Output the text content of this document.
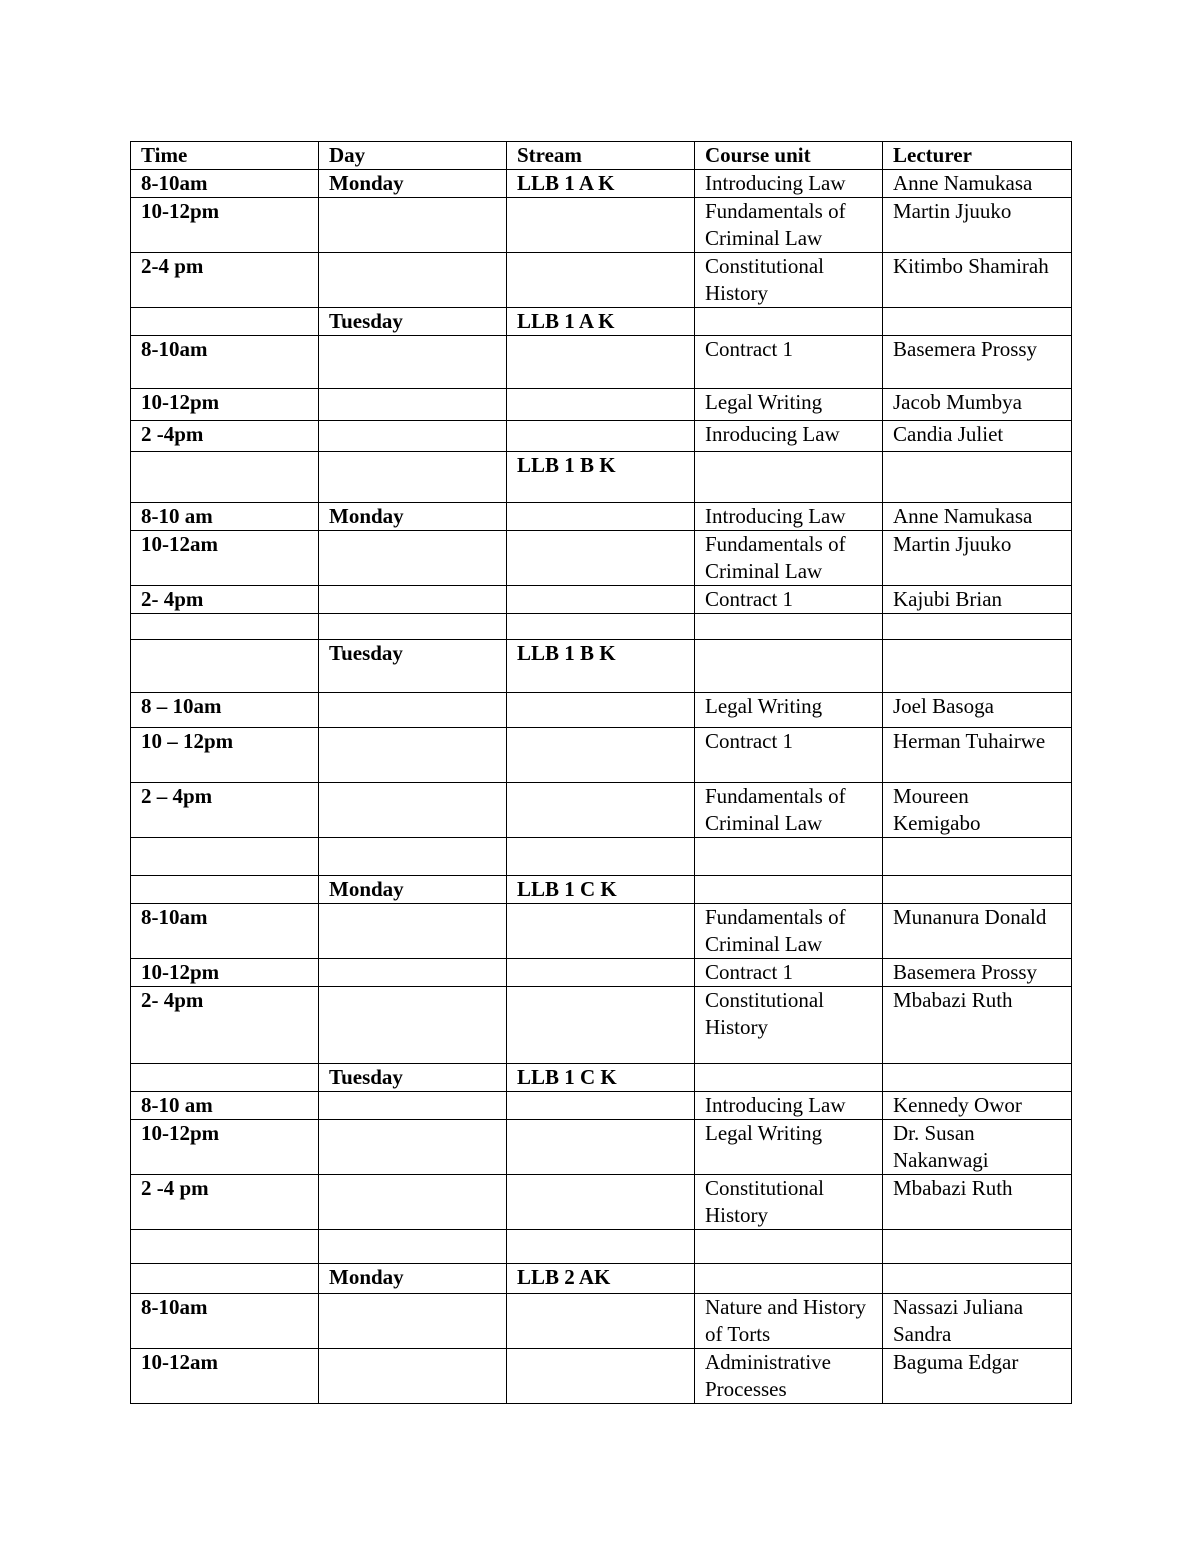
Time	Day	Stream	Course unit	Lecturer
8-10am	Monday	LLB 1 A K	Introducing Law	Anne Namukasa
10-12pm			Fundamentals of Criminal Law	Martin Jjuuko
2-4 pm			Constitutional History	Kitimbo Shamirah
	Tuesday	LLB 1 A K		
8-10am			Contract 1	Basemera Prossy
10-12pm			Legal Writing	Jacob Mumbya
2 -4pm			Inroducing Law	Candia Juliet
		LLB 1 B K		
8-10 am	Monday		Introducing Law	Anne Namukasa
10-12am			Fundamentals of Criminal Law	Martin Jjuuko
2- 4pm			Contract 1	Kajubi Brian

	Tuesday	LLB 1 B K		
8 – 10am			Legal Writing	Joel Basoga
10 – 12pm			Contract 1	Herman Tuhairwe
2 – 4pm			Fundamentals of Criminal Law	Moureen Kemigabo

	Monday	LLB 1 C K		
8-10am			Fundamentals of Criminal Law	Munanura Donald
10-12pm			Contract 1	Basemera Prossy
2- 4pm			Constitutional History	Mbabazi Ruth
	Tuesday	LLB 1 C K		
8-10 am			Introducing Law	Kennedy Owor
10-12pm			Legal Writing	Dr. Susan Nakanwagi
2 -4 pm			Constitutional History	Mbabazi Ruth

	Monday	LLB 2 AK		
8-10am			Nature and History of Torts	Nassazi Juliana Sandra
10-12am			Administrative Processes	Baguma Edgar
